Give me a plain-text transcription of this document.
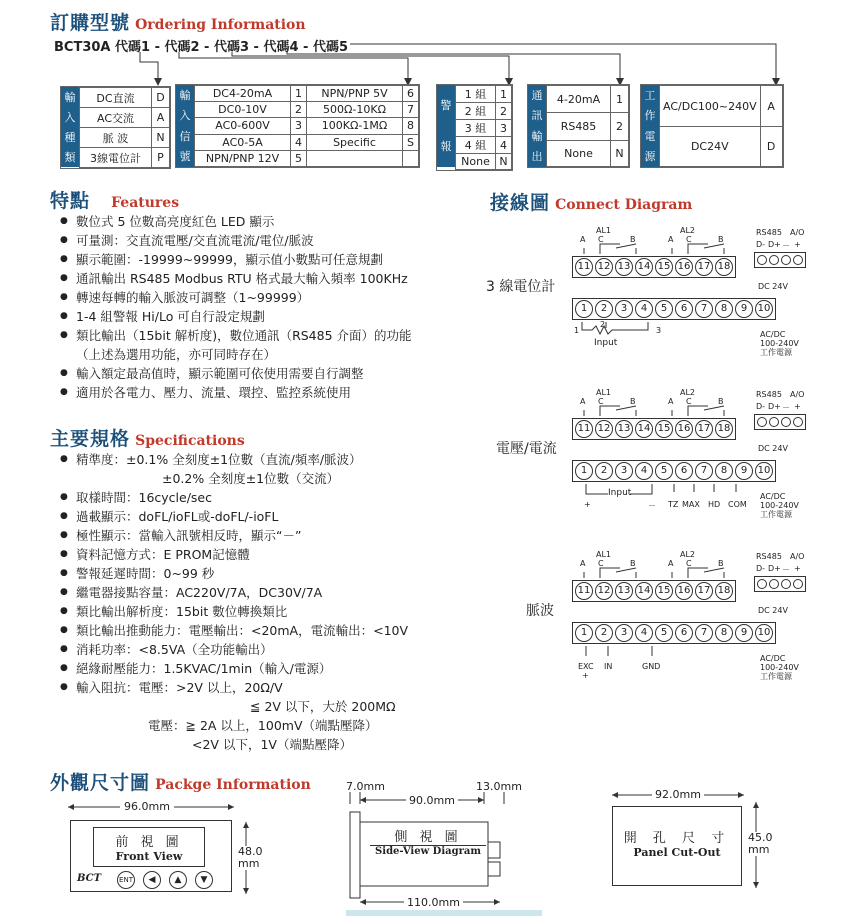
訂購型號 Ordering Information
BCT30A 代碼1 - 代碼2 - 代碼3 - 代碼4 - 代碼5
輸
入
種
類
DC直流	D
AC交流	A
脈 波	N
3線電位計	P
輸
入
信
號
DC4-20mA	1	NPN/PNP 5V	6
DC0-10V	2	500Ω-10KΩ	7
AC0-600V	3	100KΩ-1MΩ	8
AC0-5A	4	Specific	S
NPN/PNP 12V	5		
警
報
1 組	1
2 組	2
3 組	3
4 組	4
None	N
通
訊
輸
出
4-20mA	1
RS485	2
None	N
工
作
電
源
AC/DC100~240V	A
DC24V	D
特點 Features
● 數位式 5 位數高亮度紅色 LED 顯示
● 可量測：交直流電壓/交直流電流/電位/脈波
● 顯示範圍：-19999~99999，顯示值小數點可任意規劃
● 通訊輸出 RS485 Modbus RTU 格式最大輸入頻率 100KHz
● 轉速每轉的輸入脈波可調整（1~99999）
● 1-4 組警報 Hi/Lo 可自行設定規劃
● 類比輸出（15bit 解析度)，數位通訊（RS485 介面）的功能
（上述為選用功能，亦可同時存在）
● 輸入額定最高值時，顯示範圍可依使用需要自行調整
● 適用於各電力、壓力、流量、環控、監控系統使用
主要規格 Specifications
● 精準度：±0.1% 全刻度±1位數（直流/頻率/脈波）
±0.2% 全刻度±1位數（交流）
● 取樣時間：16cycle/sec
● 過載顯示：doFL/ioFL或-doFL/-ioFL
● 極性顯示：當輸入訊號相反時，顯示“－”
● 資料記憶方式：E PROM記憶體
● 警報延遲時間：0~99 秒
● 繼電器接點容量：AC220V/7A，DC30V/7A
● 類比輸出解析度：15bit 數位轉換類比
● 類比輸出推動能力：電壓輸出：<20mA，電流輸出：<10V
● 消耗功率：<8.5VA（全功能輸出）
● 絕緣耐壓能力：1.5KVAC/1min（輸入/電源）
● 輸入阻抗：電壓：>2V 以上，20Ω/V
≦ 2V 以下，大於 200MΩ
電壓：≧ 2A 以上，100mV（端點壓降）
<2V 以下，1V（端點壓降）
接線圖 Connect Diagram
3 線電位計
AL1	AL2
A C	B	A C	B
11 12 13 14 15 16 17 18
RS485 A/O
D- D+ － +
DC 24V
1	2	3	4	5	6	7	8	9	10
AC/DC
100-240V
工作電源
1
2
3
Input
電壓/電流
AL1	AL2
A C	B	A C	B
11 12 13 14 15 16 17 18
RS485 A/O
D- D+ － +
DC 24V
1	2	3	4	5	6	7	8	9	10
AC/DC
100-240V
工作電源
Input
+	－ TZ MAX HD COM
脈波
AL1	AL2
A C	B	A C	B
11 12 13 14 15 16 17 18
RS485 A/O
D- D+ － +
DC 24V
1	2	3	4	5	6	7	8	9	10
AC/DC
100-240V
工作電源
EXC IN	GND
+
外觀尺寸圖 Packge Information
96.0mm
前 視 圖
Front View
BCT	ENT	◀	▲	▼
48.0
mm
7.0mm	13.0mm
90.0mm
側 視 圖
Side-View Diagram
110.0mm
92.0mm
開 孔 尺 寸
Panel Cut-Out
45.0
mm
